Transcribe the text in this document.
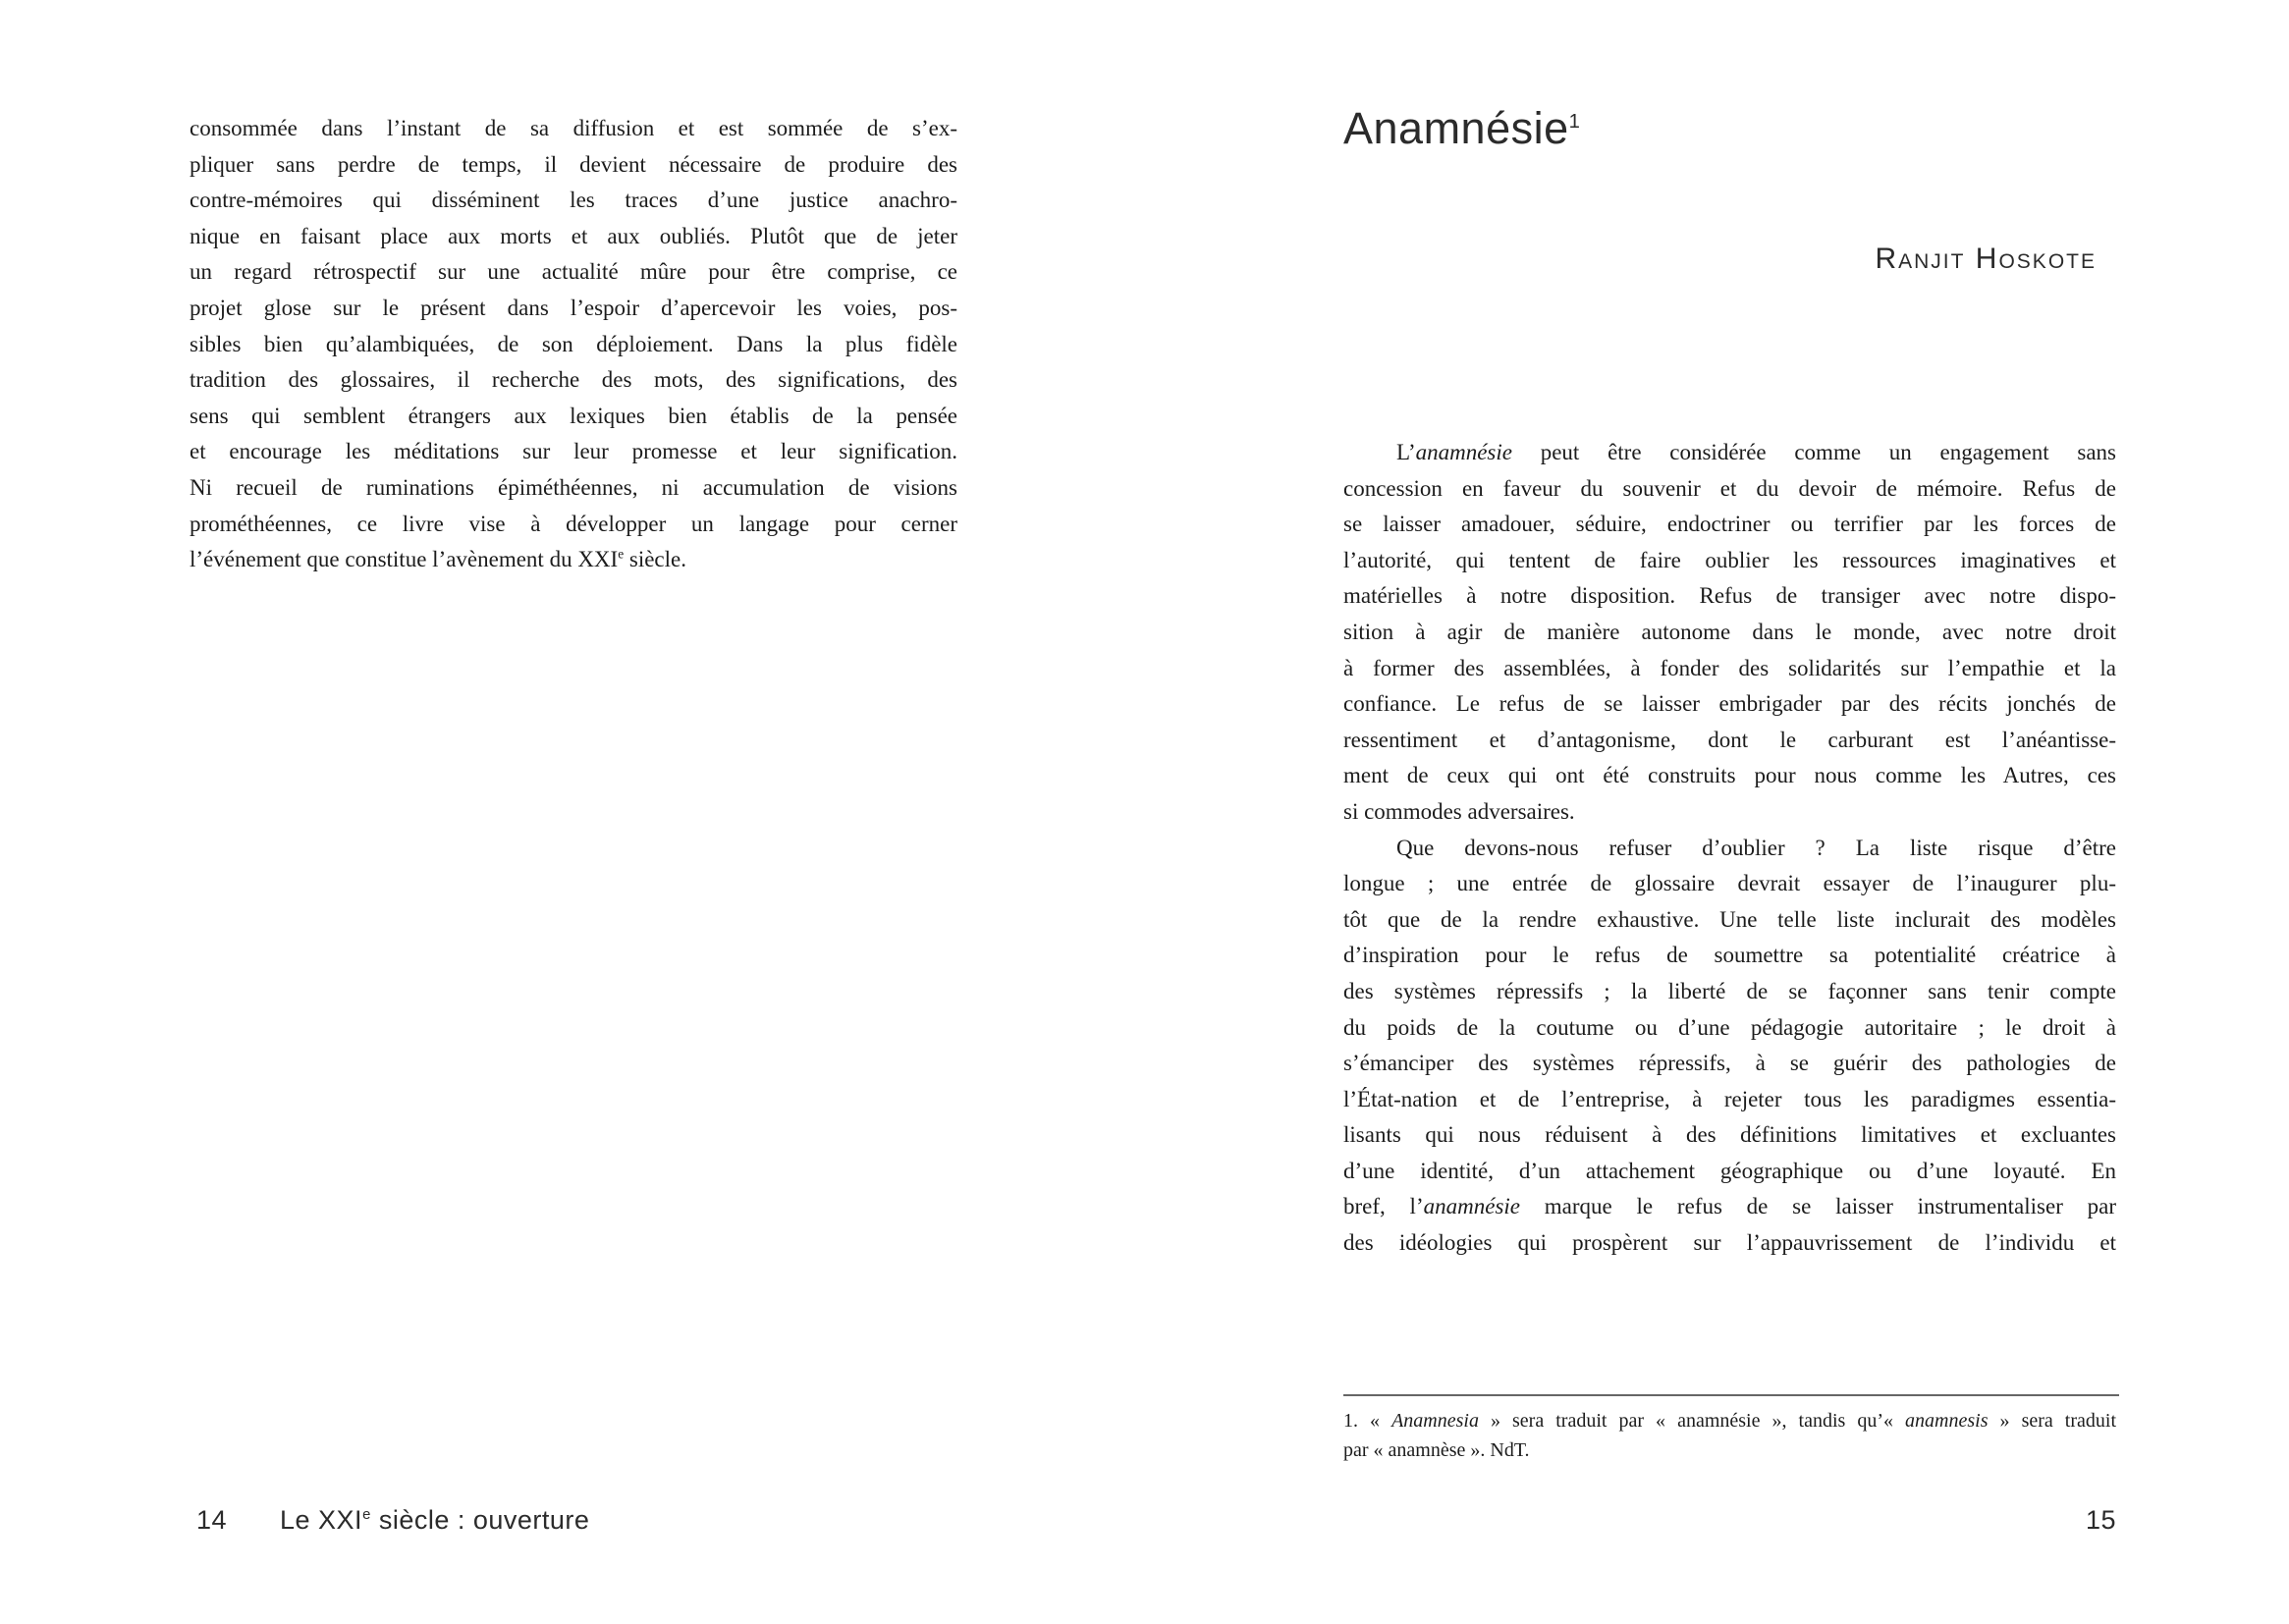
consommée dans l’instant de sa diffusion et est sommée de s’ex-
pliquer sans perdre de temps, il devient nécessaire de produire des
contre-mémoires qui disséminent les traces d’une justice anachro-
nique en faisant place aux morts et aux oubliés. Plutôt que de jeter
un regard rétrospectif sur une actualité mûre pour être comprise, ce
projet glose sur le présent dans l’espoir d’apercevoir les voies, pos-
sibles bien qu’alambiquées, de son déploiement. Dans la plus fidèle
tradition des glossaires, il recherche des mots, des significations, des
sens qui semblent étrangers aux lexiques bien établis de la pensée
et encourage les méditations sur leur promesse et leur signification.
Ni recueil de ruminations épiméthéennes, ni accumulation de visions
prométhéennes, ce livre vise à développer un langage pour cerner
l’événement que constitue l’avènement du XXIe siècle.
14 Le XXIe siècle : ouverture
Anamnésie$^1$
Ranjit Hoskote
L’anamnésie peut être considérée comme un engagement sans
concession en faveur du souvenir et du devoir de mémoire. Refus de
se laisser amadouer, séduire, endoctriner ou terrifier par les forces de
l’autorité, qui tentent de faire oublier les ressources imaginatives et
matérielles à notre disposition. Refus de transiger avec notre dispo-
sition à agir de manière autonome dans le monde, avec notre droit
à former des assemblées, à fonder des solidarités sur l’empathie et la
confiance. Le refus de se laisser embrigader par des récits jonchés de
ressentiment et d’antagonisme, dont le carburant est l’anéantisse-
ment de ceux qui ont été construits pour nous comme les Autres, ces
si commodes adversaires.
Que devons-nous refuser d’oublier ? La liste risque d’être
longue ; une entrée de glossaire devrait essayer de l’inaugurer plu-
tôt que de la rendre exhaustive. Une telle liste inclurait des modèles
d’inspiration pour le refus de soumettre sa potentialité créatrice à
des systèmes répressifs ; la liberté de se façonner sans tenir compte
du poids de la coutume ou d’une pédagogie autoritaire ; le droit à
s’émanciper des systèmes répressifs, à se guérir des pathologies de
l’État-nation et de l’entreprise, à rejeter tous les paradigmes essentia-
lisants qui nous réduisent à des définitions limitatives et excluantes
d’une identité, d’un attachement géographique ou d’une loyauté. En
bref, l’anamnésie marque le refus de se laisser instrumentaliser par
des idéologies qui prospèrent sur l’appauvrissement de l’individu et
1. « Anamnesia » sera traduit par « anamnésie », tandis qu’« anamnesis » sera traduit
par « anamnèse ». NdT.
15
